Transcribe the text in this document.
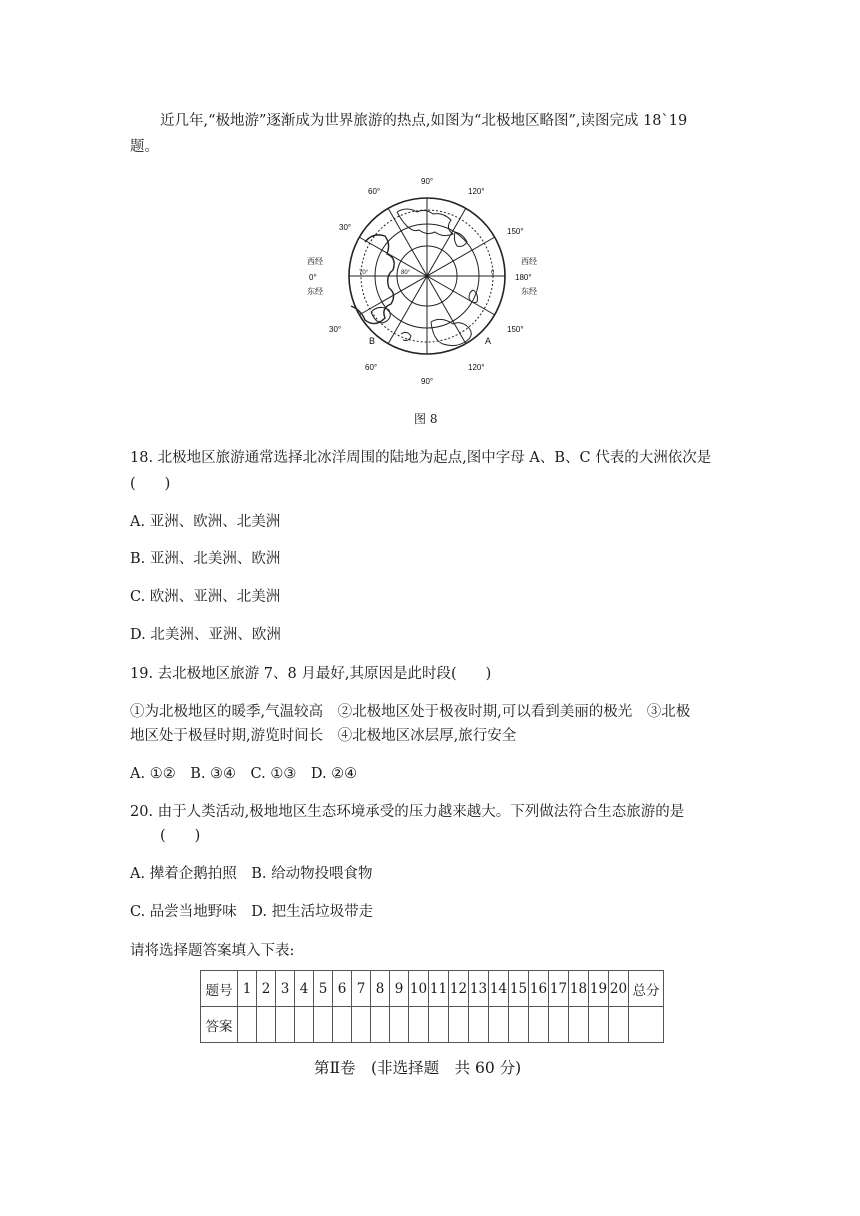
近几年,“极地游”逐渐成为世界旅游的热点,如图为“北极地区略图”,读图完成 18`19
题。
90°
90°
60°	120°
60°	120°
30°
30°
150°
150°
西经
0°
东经
西经
180°
东经
70°	80°	0
A
B
图 8
18. 北极地区旅游通常选择北冰洋周围的陆地为起点,图中字母 A、B、C 代表的大洲依次是
(　　)
A. 亚洲、欧洲、北美洲
B. 亚洲、北美洲、欧洲
C. 欧洲、亚洲、北美洲
D. 北美洲、亚洲、欧洲
19. 去北极地区旅游 7、8 月最好,其原因是此时段(　　)
①为北极地区的暖季,气温较高　②北极地区处于极夜时期,可以看到美丽的极光　③北极
地区处于极昼时期,游览时间长　④北极地区冰层厚,旅行安全
A. ①②　B. ③④　C. ①③　D. ②④
20. 由于人类活动,极地地区生态环境承受的压力越来越大。下列做法符合生态旅游的是
(　　)
A. 撵着企鹅拍照　B. 给动物投喂食物
C. 品尝当地野味　D. 把生活垃圾带走
请将选择题答案填入下表:
题号	1	2	3	4	5	6	7	8	9	10	11	12	13	14	15	16	17	18	19	20	总分
答案																					
第Ⅱ卷　(非选择题　共 60 分)
